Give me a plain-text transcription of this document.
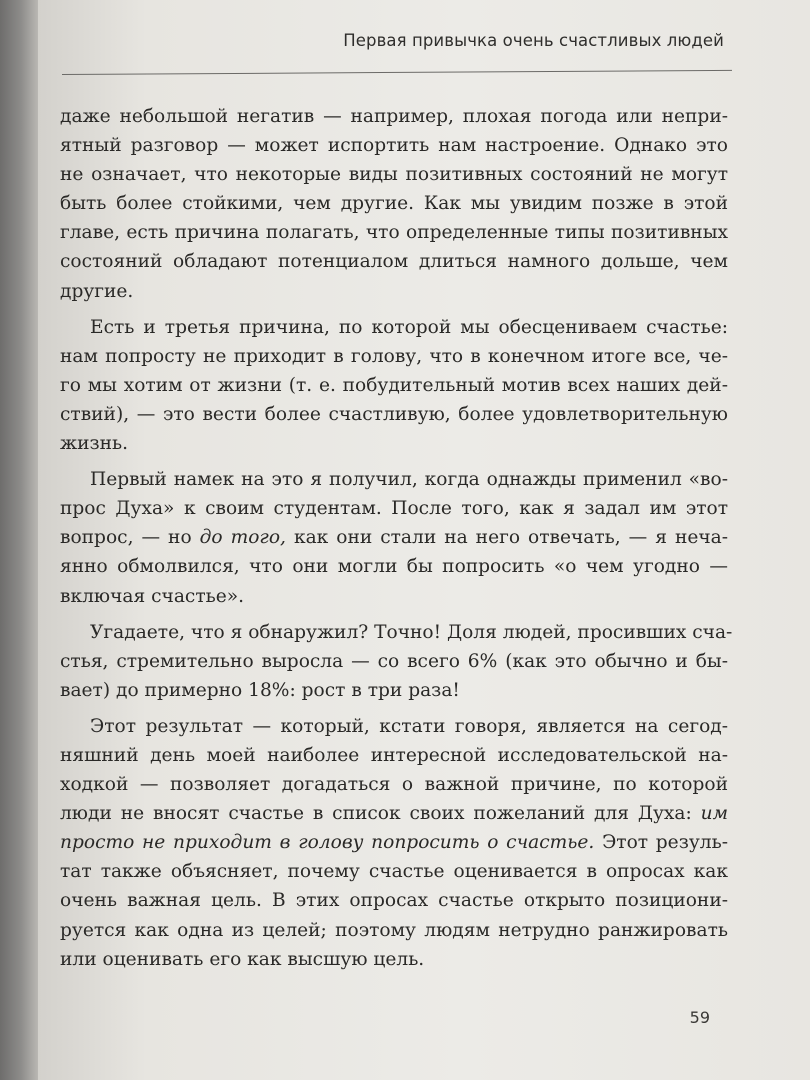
Первая привычка очень счастливых людей
даже небольшой негатив — например, плохая погода или непри-
ятный разговор — может испортить нам настроение. Однако это
не означает, что некоторые виды позитивных состояний не могут
быть более стойкими, чем другие. Как мы увидим позже в этой
главе, есть причина полагать, что определенные типы позитивных
состояний обладают потенциалом длиться намного дольше, чем
другие.
Есть и третья причина, по которой мы обесцениваем счастье:
нам попросту не приходит в голову, что в конечном итоге все, че-
го мы хотим от жизни (т. е. побудительный мотив всех наших дей-
ствий), — это вести более счастливую, более удовлетворительную
жизнь.
Первый намек на это я получил, когда однажды применил «во-
прос Духа» к своим студентам. После того, как я задал им этот
вопрос, — но до того, как они стали на него отвечать, — я неча-
янно обмолвился, что они могли бы попросить «о чем угодно —
включая счастье».
Угадаете, что я обнаружил? Точно! Доля людей, просивших сча-
стья, стремительно выросла — со всего 6% (как это обычно и бы-
вает) до примерно 18%: рост в три раза!
Этот результат — который, кстати говоря, является на сегод-
няшний день моей наиболее интересной исследовательской на-
ходкой — позволяет догадаться о важной причине, по которой
люди не вносят счастье в список своих пожеланий для Духа: им
просто не приходит в голову попросить о счастье. Этот резуль-
тат также объясняет, почему счастье оценивается в опросах как
очень важная цель. В этих опросах счастье открыто позициони-
руется как одна из целей; поэтому людям нетрудно ранжировать
или оценивать его как высшую цель.
59
